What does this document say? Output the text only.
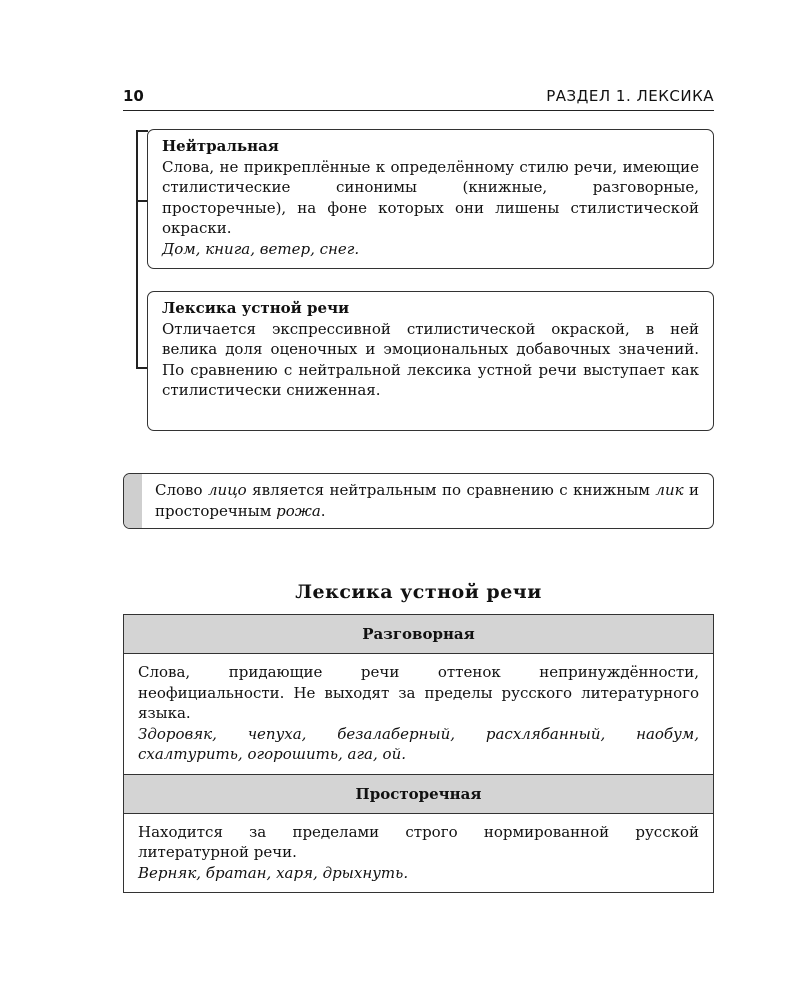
10	РАЗДЕЛ 1. ЛЕКСИКА
Нейтральная
Слова, не прикреплённые к определённому стилю речи, имеющие стилистические синонимы (книжные, разговорные, просторечные), на фоне которых они лишены стилистической окраски.
Дом, книга, ветер, снег.
Лексика устной речи
Отличается экспрессивной стилистической окраской, в ней велика доля оценочных и эмоциональных добавочных значений. По сравнению с нейтральной лексика устной речи выступает как стилистически сниженная.
Слово лицо является нейтральным по сравнению с книжным лик и просторечным рожа.
Лексика устной речи
Разговорная
Слова, придающие речи оттенок непринуждённости, неофициальности. Не выходят за пределы русского литературного языка.
Здоровяк, чепуха, безалаберный, расхлябанный, наобум, схалтурить, огорошить, ага, ой.
Просторечная
Находится за пределами строго нормированной русской литературной речи.
Верняк, братан, харя, дрыхнуть.
